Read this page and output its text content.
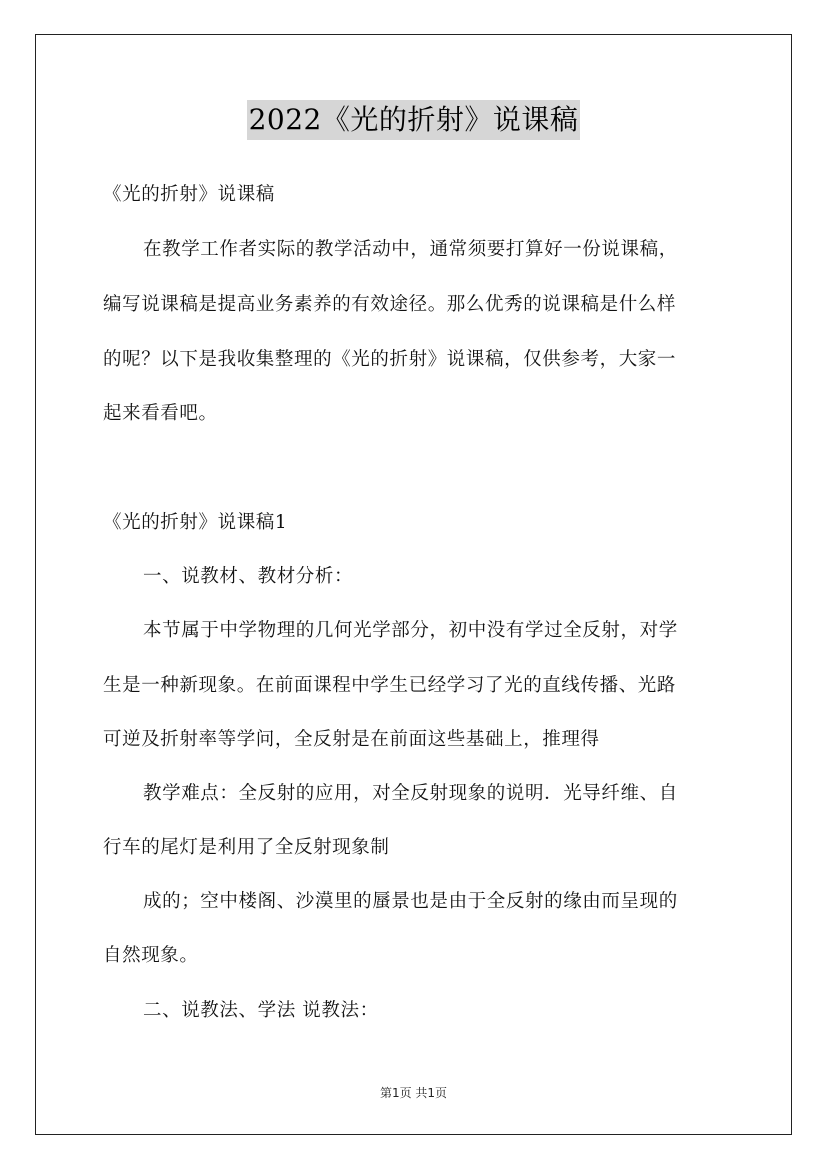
2022《光的折射》说课稿

《光的折射》说课稿

在教学工作者实际的教学活动中，通常须要打算好一份说课稿，

编写说课稿是提高业务素养的有效途径。那么优秀的说课稿是什么样

的呢？以下是我收集整理的《光的折射》说课稿，仅供参考，大家一

起来看看吧。

《光的折射》说课稿1

一、说教材、教材分析：

本节属于中学物理的几何光学部分，初中没有学过全反射，对学

生是一种新现象。在前面课程中学生已经学习了光的直线传播、光路

可逆及折射率等学问，全反射是在前面这些基础上，推理得

教学难点：全反射的应用，对全反射现象的说明．光导纤维、自

行车的尾灯是利用了全反射现象制

成的；空中楼阁、沙漠里的蜃景也是由于全反射的缘由而呈现的

自然现象。

二、说教法、学法 说教法：

第1页 共1页
